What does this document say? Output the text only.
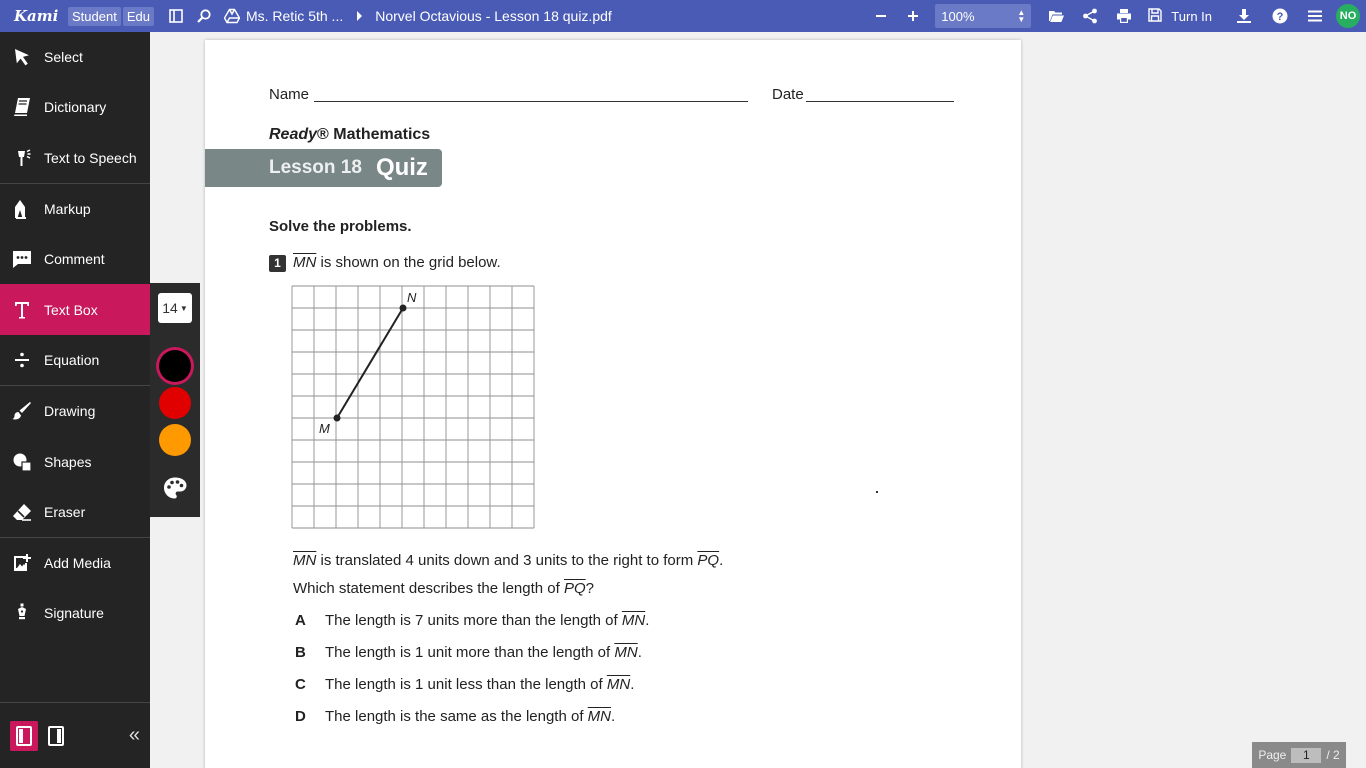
Kami	Student Edu	Ms. Retic 5th ... Norvel Octavious - Lesson 18 quiz.pdf	100%	▲
▼	Turn In	?	NO
Select
Dictionary
Text to Speech
Markup
Comment
Text Box
Equation
Drawing
Shapes
Eraser
Add Media
Signature
«
14 ▼
Name	Date
Ready® Mathematics
Lesson 18 Quiz
Solve the problems.
1 $\overline{MN}$ is shown on the grid below.
N
M
$\overline{MN}$ is translated 4 units down and 3 units to the right to form $\overline{PQ}$.
Which statement describes the length of $\overline{PQ}$?
A The length is 7 units more than the length of $\overline{MN}$.
B The length is 1 unit more than the length of $\overline{MN}$.
C The length is 1 unit less than the length of $\overline{MN}$.
D The length is the same as the length of $\overline{MN}$.
Page	1	/ 2
